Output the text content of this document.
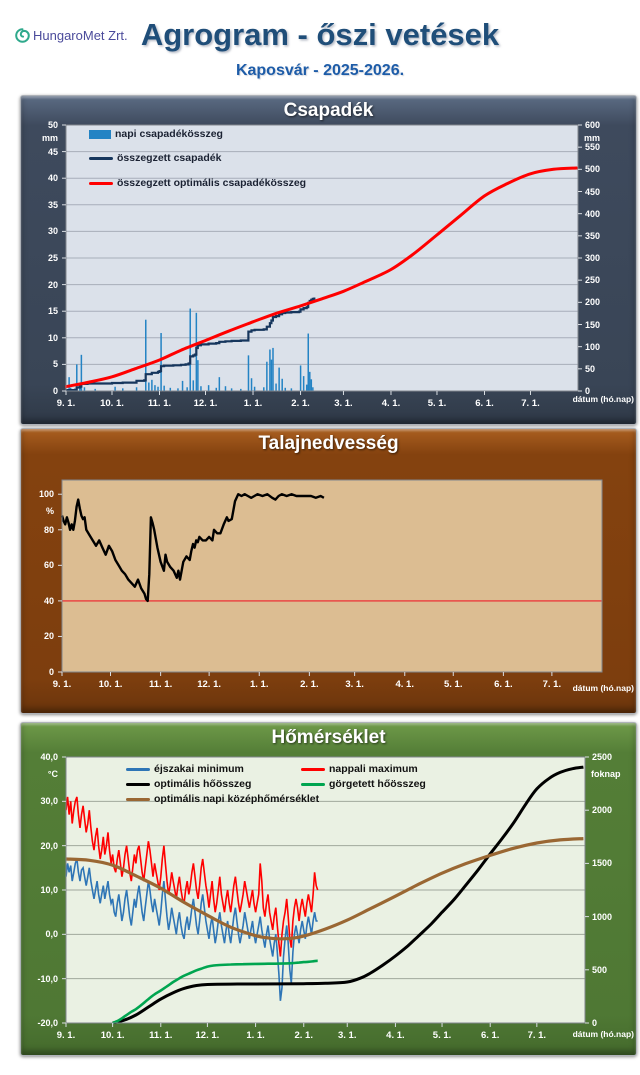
HungaroMet Zrt. Agrogram - őszi vetések
Kaposvár - 2025-2026.
Csapadék
mm	mm
dátum (hó.nap)
napi csapadékösszeg
összegzett csapadék
összegzett optimális csapadékösszeg
50
45
40
35
30
25
20
15
10
5
0
600
550
500
450
400
350
300
250
200
150
100
50
0
9. 1.	10. 1.	11. 1. 12. 1.	1. 1.	2. 1.	3. 1.	4. 1.	5. 1.	6. 1.	7. 1.
Talajnedvesség
%
dátum (hó.nap)
100
80
60
40
20
0
9. 1.	10. 1.	11. 1.	12. 1.	1. 1.	2. 1.	3. 1.	4. 1.	5. 1.	6. 1.	7. 1.
Hőmérséklet
°C	foknap
dátum (hó.nap)
éjszakai minimum	nappali maximum
optimális hőösszeg	görgetett hőösszeg
optimális napi középhőmérséklet
40,0
30,0
20,0
10,0
0,0
-10,0
-20,0
2500
2000
1500
1000
500
0
9. 1.	10. 1.	11. 1. 12. 1.	1. 1.	2. 1.	3. 1.	4. 1.	5. 1.	6. 1.	7. 1.
